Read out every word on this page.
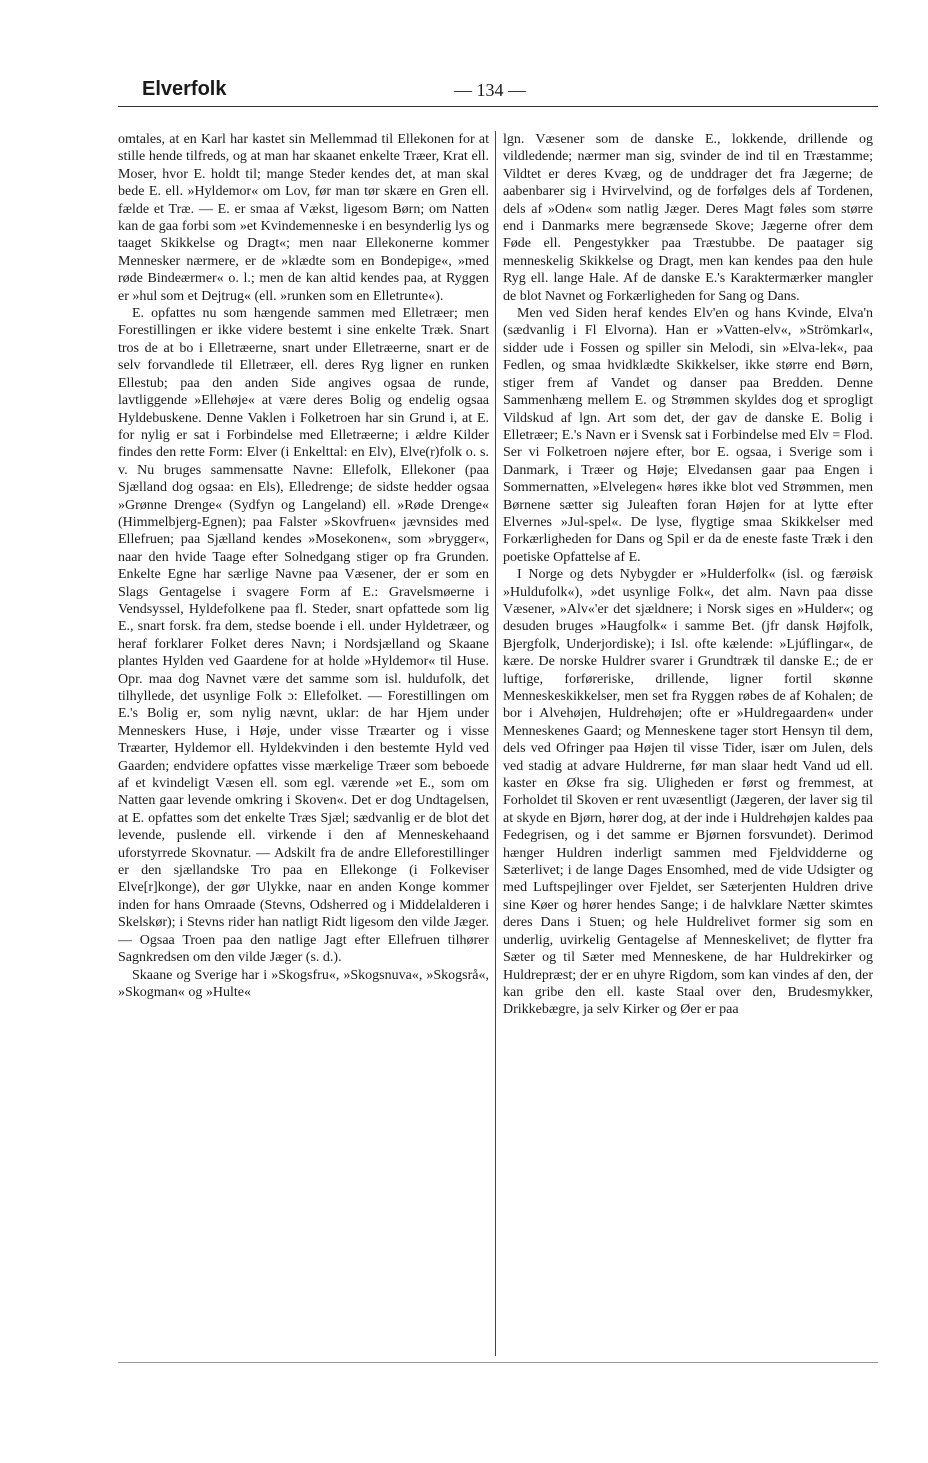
Elverfolk	— 134 —

omtales, at en Karl har kastet sin Mellemmad til Ellekonen for at stille hende tilfreds, og at man har skaanet enkelte Træer, Krat ell. Moser, hvor E. holdt til; mange Steder kendes det, at man skal bede E. ell. »Hyldemor« om Lov, før man tør skære en Gren ell. fælde et Træ. — E. er smaa af Vækst, ligesom Børn; om Natten kan de gaa forbi som »et Kvindemenneske i en besynderlig lys og taaget Skikkelse og Dragt«; men naar Ellekonerne kommer Mennesker nærmere, er de »klædte som en Bondepige«, »med røde Bindeærmer« o. l.; men de kan altid kendes paa, at Ryggen er »hul som et Dejtrug« (ell. »runken som en Elletrunte«).

E. opfattes nu som hængende sammen med Elletræer; men Forestillingen er ikke videre bestemt i sine enkelte Træk. Snart tros de at bo i Elletræerne, snart under Elletræerne, snart er de selv forvandlede til Elletræer, ell. deres Ryg ligner en runken Ellestub; paa den anden Side angives ogsaa de runde, lavtliggende »Ellehøje« at være deres Bolig og endelig ogsaa Hyldebuskene. Denne Vaklen i Folketroen har sin Grund i, at E. for nylig er sat i Forbindelse med Elletræerne; i ældre Kilder findes den rette Form: Elver (i Enkelttal: en Elv), Elve(r)folk o. s. v. Nu bruges sammensatte Navne: Ellefolk, Ellekoner (paa Sjælland dog ogsaa: en Els), Elledrenge; de sidste hedder ogsaa »Grønne Drenge« (Sydfyn og Langeland) ell. »Røde Drenge« (Himmelbjerg-Egnen); paa Falster »Skovfruen« jævnsides med Ellefruen; paa Sjælland kendes »Mosekonen«, som »brygger«, naar den hvide Taage efter Solnedgang stiger op fra Grunden. Enkelte Egne har særlige Navne paa Væsener, der er som en Slags Gentagelse i svagere Form af E.: Gravelsmøerne i Vendsyssel, Hyldefolkene paa fl. Steder, snart opfattede som lig E., snart forsk. fra dem, stedse boende i ell. under Hyldetræer, og heraf forklarer Folket deres Navn; i Nordsjælland og Skaane plantes Hylden ved Gaardene for at holde »Hyldemor« til Huse. Opr. maa dog Navnet være det samme som isl. huldufolk, det tilhyllede, det usynlige Folk ɔ: Ellefolket. — Forestillingen om E.'s Bolig er, som nylig nævnt, uklar: de har Hjem under Menneskers Huse, i Høje, under visse Træarter og i visse Træarter, Hyldemor ell. Hyldekvinden i den bestemte Hyld ved Gaarden; endvidere opfattes visse mærkelige Træer som beboede af et kvindeligt Væsen ell. som egl. værende »et E., som om Natten gaar levende omkring i Skoven«. Det er dog Undtagelsen, at E. opfattes som det enkelte Træs Sjæl; sædvanlig er de blot det levende, puslende ell. virkende i den af Menneskehaand uforstyrrede Skovnatur. — Adskilt fra de andre Elleforestillinger er den sjællandske Tro paa en Ellekonge (i Folkeviser Elve[r]konge), der gør Ulykke, naar en anden Konge kommer inden for hans Omraade (Stevns, Odsherred og i Middelalderen i Skelskør); i Stevns rider han natligt Ridt ligesom den vilde Jæger. — Ogsaa Troen paa den natlige Jagt efter Ellefruen tilhører Sagnkredsen om den vilde Jæger (s. d.).

Skaane og Sverige har i »Skogsfru«, »Skogsnuva«, »Skogsrå«, »Skogman« og »Hulte«

lgn. Væsener som de danske E., lokkende, drillende og vildledende; nærmer man sig, svinder de ind til en Træstamme; Vildtet er deres Kvæg, og de unddrager det fra Jægerne; de aabenbarer sig i Hvirvelvind, og de forfølges dels af Tordenen, dels af »Oden« som natlig Jæger. Deres Magt føles som større end i Danmarks mere begrænsede Skove; Jægerne ofrer dem Føde ell. Pengestykker paa Træstubbe. De paatager sig menneskelig Skikkelse og Dragt, men kan kendes paa den hule Ryg ell. lange Hale. Af de danske E.'s Karaktermærker mangler de blot Navnet og Forkærligheden for Sang og Dans.

Men ved Siden heraf kendes Elv'en og hans Kvinde, Elva'n (sædvanlig i Fl Elvorna). Han er »Vatten-elv«, »Strömkarl«, sidder ude i Fossen og spiller sin Melodi, sin »Elva-lek«, paa Fedlen, og smaa hvidklædte Skikkelser, ikke større end Børn, stiger frem af Vandet og danser paa Bredden. Denne Sammenhæng mellem E. og Strømmen skyldes dog et sprogligt Vildskud af lgn. Art som det, der gav de danske E. Bolig i Elletræer; E.'s Navn er i Svensk sat i Forbindelse med Elv = Flod. Ser vi Folketroen nøjere efter, bor E. ogsaa, i Sverige som i Danmark, i Træer og Høje; Elvedansen gaar paa Engen i Sommernatten, »Elvelegen« høres ikke blot ved Strømmen, men Børnene sætter sig Juleaften foran Højen for at lytte efter Elvernes »Jul-spel«. De lyse, flygtige smaa Skikkelser med Forkærligheden for Dans og Spil er da de eneste faste Træk i den poetiske Opfattelse af E.

I Norge og dets Nybygder er »Hulderfolk« (isl. og færøisk »Huldufolk«), »det usynlige Folk«, det alm. Navn paa disse Væsener, »Alv«'er det sjældnere; i Norsk siges en »Hulder«; og desuden bruges »Haugfolk« i samme Bet. (jfr dansk Højfolk, Bjergfolk, Underjordiske); i Isl. ofte kælende: »Ljúflingar«, de kære. De norske Huldrer svarer i Grundtræk til danske E.; de er luftige, forføreriske, drillende, ligner fortil skønne Menneskeskikkelser, men set fra Ryggen røbes de af Kohalen; de bor i Alvehøjen, Huldrehøjen; ofte er »Huldregaarden« under Menneskenes Gaard; og Menneskene tager stort Hensyn til dem, dels ved Ofringer paa Højen til visse Tider, især om Julen, dels ved stadig at advare Huldrerne, før man slaar hedt Vand ud ell. kaster en Økse fra sig. Uligheden er først og fremmest, at Forholdet til Skoven er rent uvæsentligt (Jægeren, der laver sig til at skyde en Bjørn, hører dog, at der inde i Huldrehøjen kaldes paa Fedegrisen, og i det samme er Bjørnen forsvundet). Derimod hænger Huldren inderligt sammen med Fjeldvidderne og Sæterlivet; i de lange Dages Ensomhed, med de vide Udsigter og med Luftspejlinger over Fjeldet, ser Sæterjenten Huldren drive sine Køer og hører hendes Sange; i de halvklare Nætter skimtes deres Dans i Stuen; og hele Huldrelivet former sig som en underlig, uvirkelig Gentagelse af Menneskelivet; de flytter fra Sæter og til Sæter med Menneskene, de har Huldrekirker og Huldrepræst; der er en uhyre Rigdom, som kan vindes af den, der kan gribe den ell. kaste Staal over den, Brudesmykker, Drikkebægre, ja selv Kirker og Øer er paa
